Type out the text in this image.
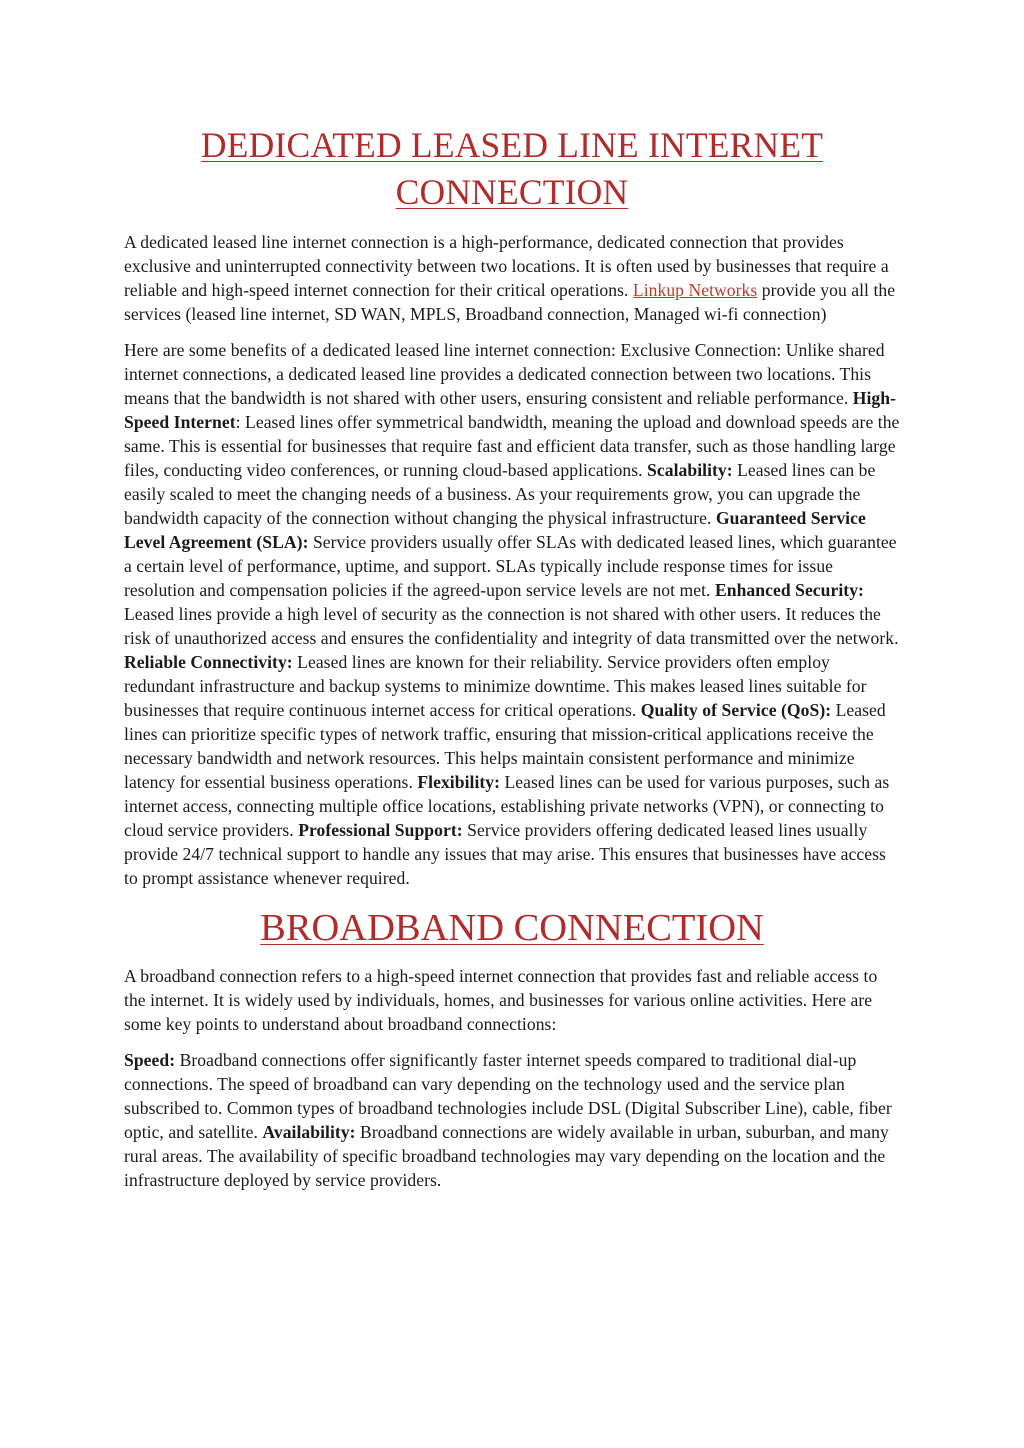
DEDICATED LEASED LINE INTERNET CONNECTION

A dedicated leased line internet connection is a high-performance, dedicated connection that provides exclusive and uninterrupted connectivity between two locations. It is often used by businesses that require a reliable and high-speed internet connection for their critical operations. Linkup Networks provide you all the services (leased line internet, SD WAN, MPLS, Broadband connection, Managed wi-fi connection)

Here are some benefits of a dedicated leased line internet connection: Exclusive Connection: Unlike shared internet connections, a dedicated leased line provides a dedicated connection between two locations. This means that the bandwidth is not shared with other users, ensuring consistent and reliable performance. High-Speed Internet: Leased lines offer symmetrical bandwidth, meaning the upload and download speeds are the same. This is essential for businesses that require fast and efficient data transfer, such as those handling large files, conducting video conferences, or running cloud-based applications. Scalability: Leased lines can be easily scaled to meet the changing needs of a business. As your requirements grow, you can upgrade the bandwidth capacity of the connection without changing the physical infrastructure. Guaranteed Service Level Agreement (SLA): Service providers usually offer SLAs with dedicated leased lines, which guarantee a certain level of performance, uptime, and support. SLAs typically include response times for issue resolution and compensation policies if the agreed-upon service levels are not met. Enhanced Security: Leased lines provide a high level of security as the connection is not shared with other users. It reduces the risk of unauthorized access and ensures the confidentiality and integrity of data transmitted over the network. Reliable Connectivity: Leased lines are known for their reliability. Service providers often employ redundant infrastructure and backup systems to minimize downtime. This makes leased lines suitable for businesses that require continuous internet access for critical operations. Quality of Service (QoS): Leased lines can prioritize specific types of network traffic, ensuring that mission-critical applications receive the necessary bandwidth and network resources. This helps maintain consistent performance and minimize latency for essential business operations. Flexibility: Leased lines can be used for various purposes, such as internet access, connecting multiple office locations, establishing private networks (VPN), or connecting to cloud service providers. Professional Support: Service providers offering dedicated leased lines usually provide 24/7 technical support to handle any issues that may arise. This ensures that businesses have access to prompt assistance whenever required.

BROADBAND CONNECTION

A broadband connection refers to a high-speed internet connection that provides fast and reliable access to the internet. It is widely used by individuals, homes, and businesses for various online activities. Here are some key points to understand about broadband connections:

Speed: Broadband connections offer significantly faster internet speeds compared to traditional dial-up connections. The speed of broadband can vary depending on the technology used and the service plan subscribed to. Common types of broadband technologies include DSL (Digital Subscriber Line), cable, fiber optic, and satellite. Availability: Broadband connections are widely available in urban, suburban, and many rural areas. The availability of specific broadband technologies may vary depending on the location and the infrastructure deployed by service providers.
